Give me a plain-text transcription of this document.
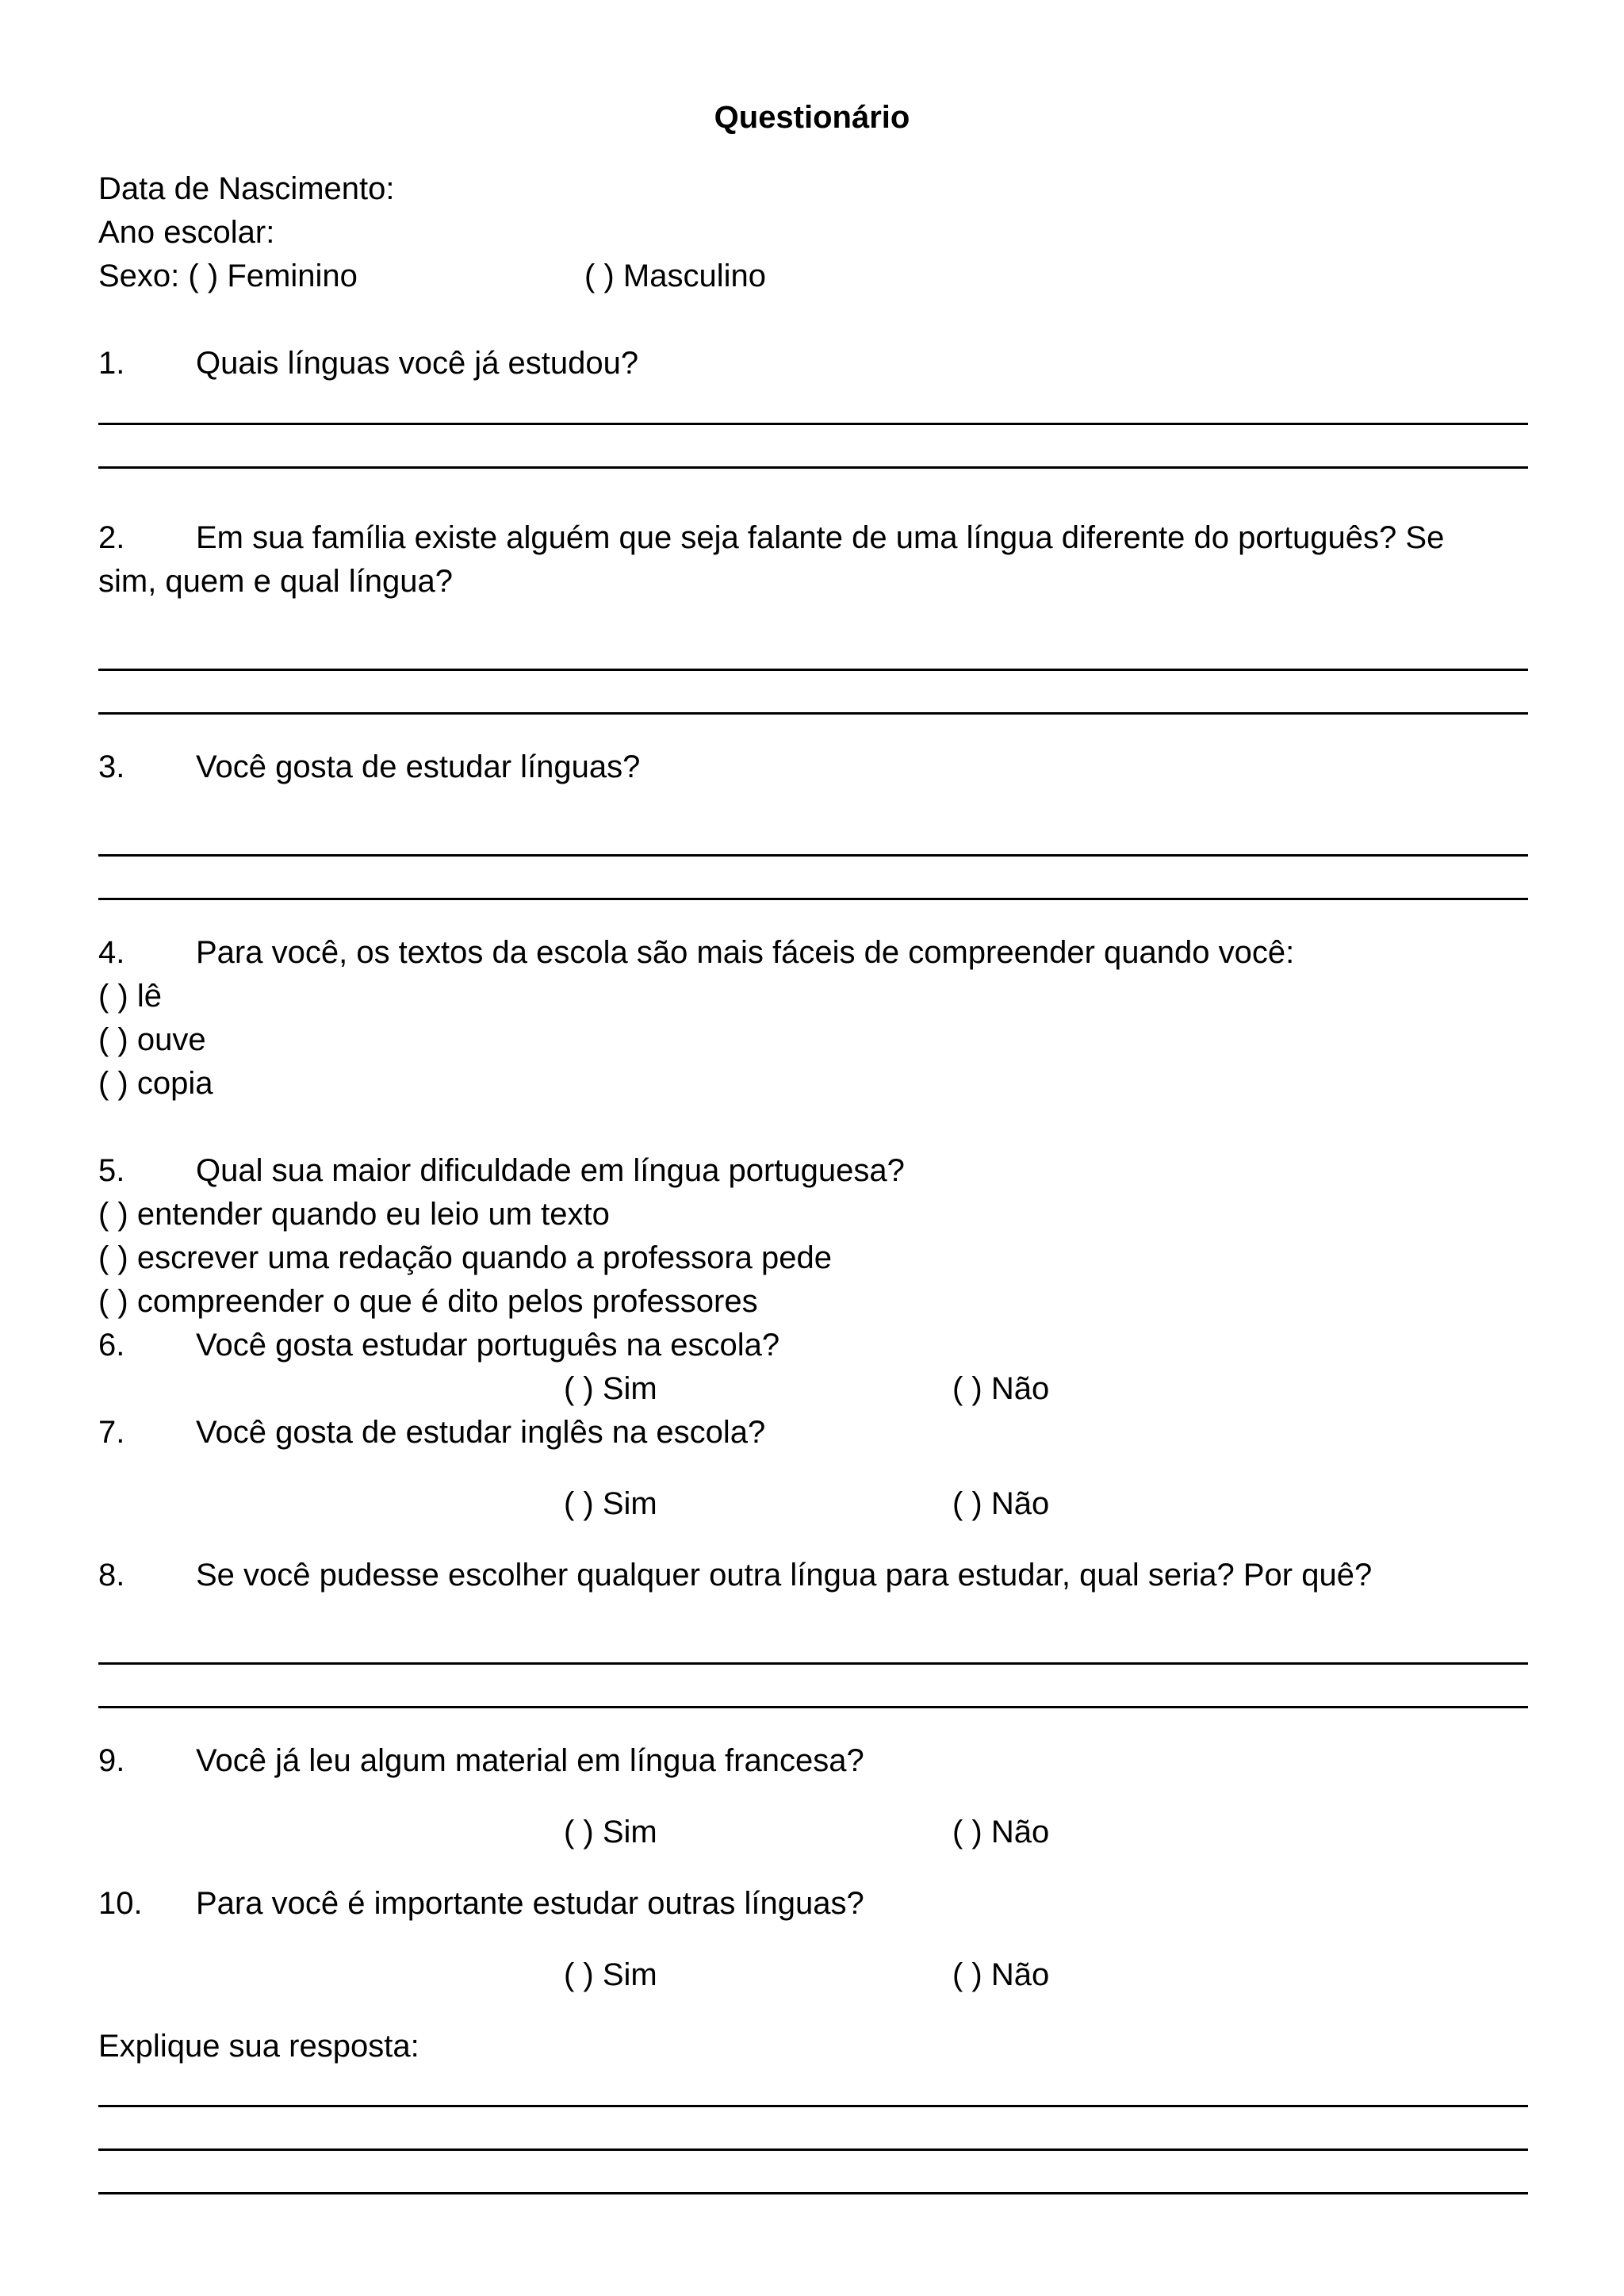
Questionário
Data de Nascimento:
Ano escolar:
Sexo: ( ) Feminino	( ) Masculino
1. Quais línguas você já estudou?
2. Em sua família existe alguém que seja falante de uma língua diferente do português? Se
sim, quem e qual língua?
3. Você gosta de estudar línguas?
4. Para você, os textos da escola são mais fáceis de compreender quando você:
( ) lê
( ) ouve
( ) copia
5. Qual sua maior dificuldade em língua portuguesa?
( ) entender quando eu leio um texto
( ) escrever uma redação quando a professora pede
( ) compreender o que é dito pelos professores
6. Você gosta estudar português na escola?
( ) Sim	( ) Não
7. Você gosta de estudar inglês na escola?
( ) Sim	( ) Não
8. Se você pudesse escolher qualquer outra língua para estudar, qual seria? Por quê?
9. Você já leu algum material em língua francesa?
( ) Sim	( ) Não
10. Para você é importante estudar outras línguas?
( ) Sim	( ) Não
Explique sua resposta:
